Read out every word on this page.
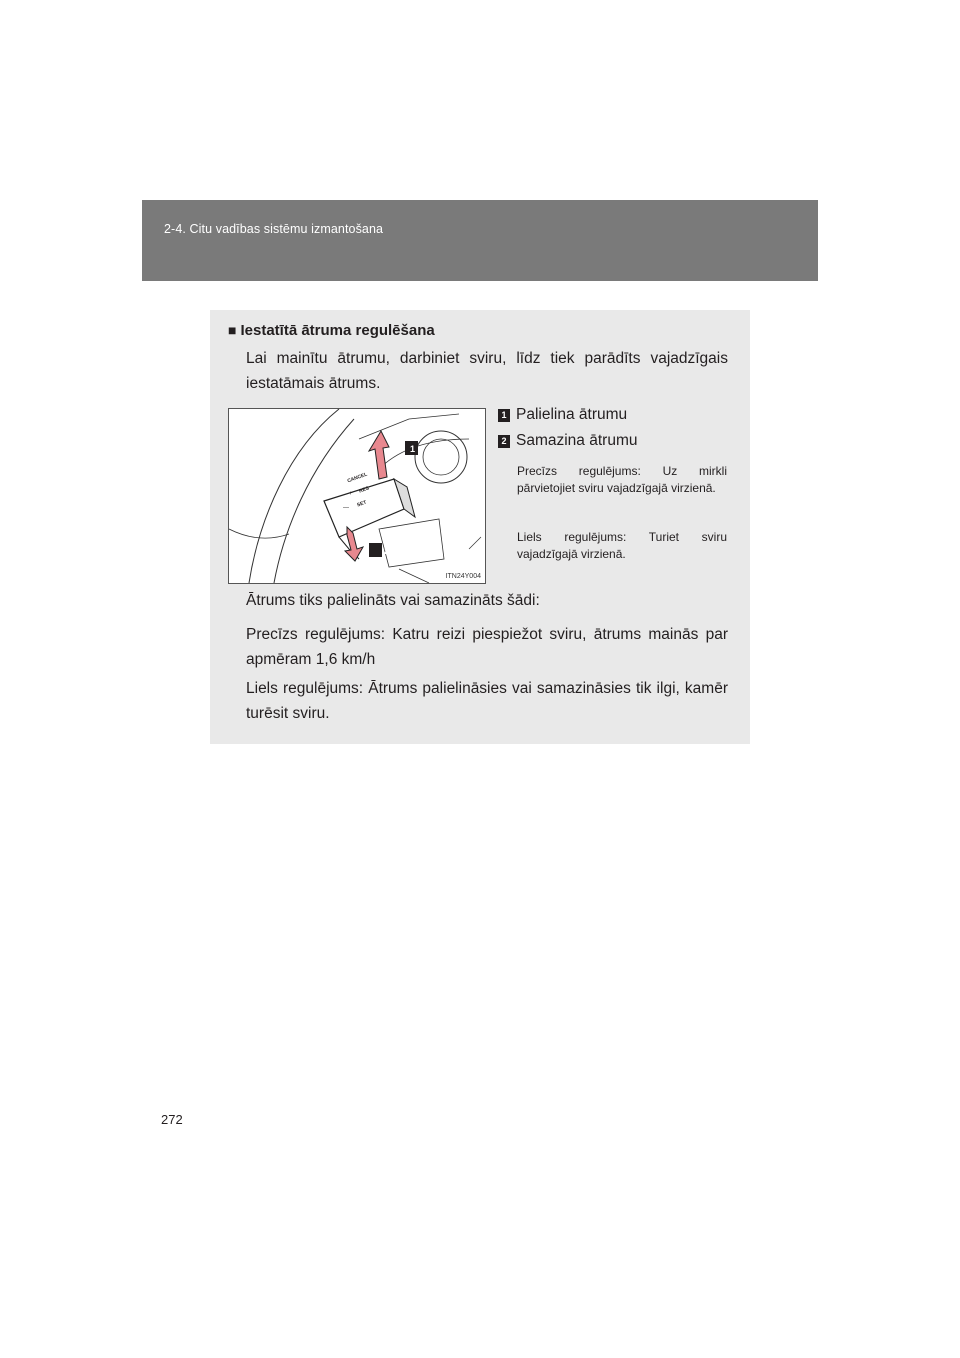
2-4. Citu vadības sistēmu izmantošana
■ Iestatītā ātruma regulēšana
Lai mainītu ātrumu, darbiniet sviru, līdz tiek parādīts vajadzīgais iestatāmais ātrums.
2
1
CANCEL
RES
SET
+
—
ITN24Y004
1 Palielina ātrumu
2 Samazina ātrumu
Precīzs regulējums: Uz mirkli pārvietojiet sviru vajadzīgajā virzienā.
Liels regulējums: Turiet sviru vajadzīgajā virzienā.
Ātrums tiks palielināts vai samazināts šādi:
Precīzs regulējums: Katru reizi piespiežot sviru, ātrums mainās par apmēram 1,6 km/h
Liels regulējums: Ātrums palielināsies vai samazināsies tik ilgi, kamēr turēsit sviru.
272
